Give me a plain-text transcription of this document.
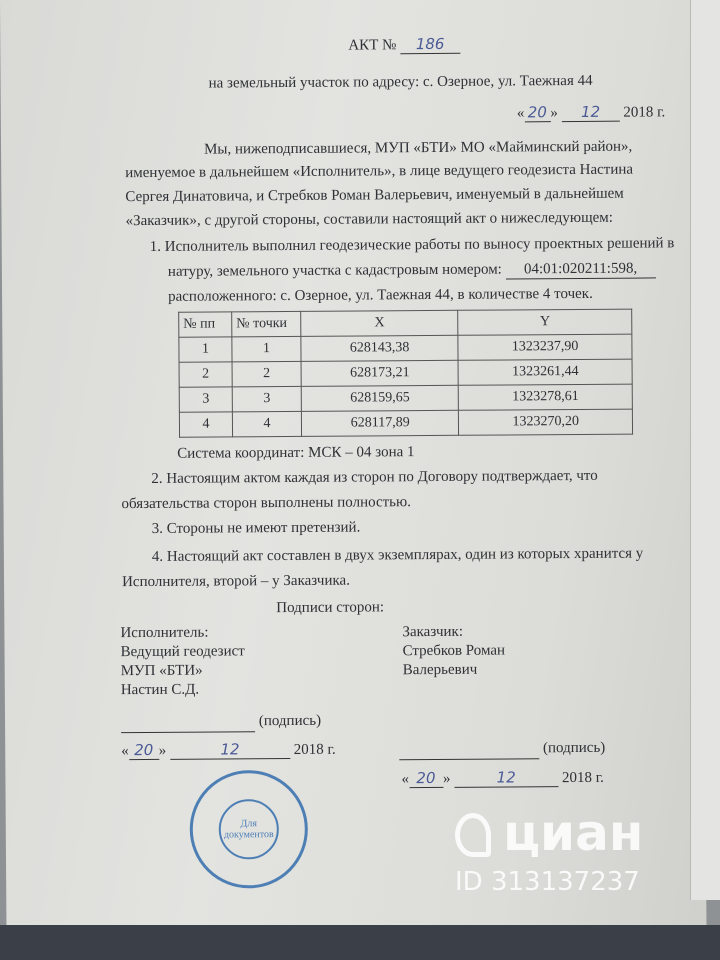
АКТ № 186
на земельный участок по адресу: с. Озерное, ул. Таежная 44
« 20 » 12 2018 г.
Мы, нижеподписавшиеся, МУП «БТИ» МО «Майминский район»,
именуемое в дальнейшем «Исполнитель», в лице ведущего геодезиста Настина
Сергея Динатовича, и Стребков Роман Валерьевич, именуемый в дальнейшем
«Заказчик», с другой стороны, составили настоящий акт о нижеследующем:
1. Исполнитель выполнил геодезические работы по выносу проектных решений в
натуру, земельного участка с кадастровым номером: 04:01:020211:598,
расположенного: с. Озерное, ул. Таежная 44, в количестве 4 точек.
№ пп	№ точки	X	Y
1	1	628143,38	1323237,90
2	2	628173,21	1323261,44
3	3	628159,65	1323278,61
4	4	628117,89	1323270,20
Система координат: МСК – 04 зона 1
2. Настоящим актом каждая из сторон по Договору подтверждает, что
обязательства сторон выполнены полностью.
3. Стороны не имеют претензий.
4. Настоящий акт составлен в двух экземплярах, один из которых хранится у
Исполнителя, второй – у Заказчика.
Подписи сторон:
Исполнитель:
Ведущий геодезист
МУП «БТИ»
Настин С.Д.
(подпись)
« 20 »	12	2018 г.
Заказчик:
Стребков Роман
Валерьевич
(подпись)
« 20 »	12	2018 г.
Для документов	циан
ID 313137237
